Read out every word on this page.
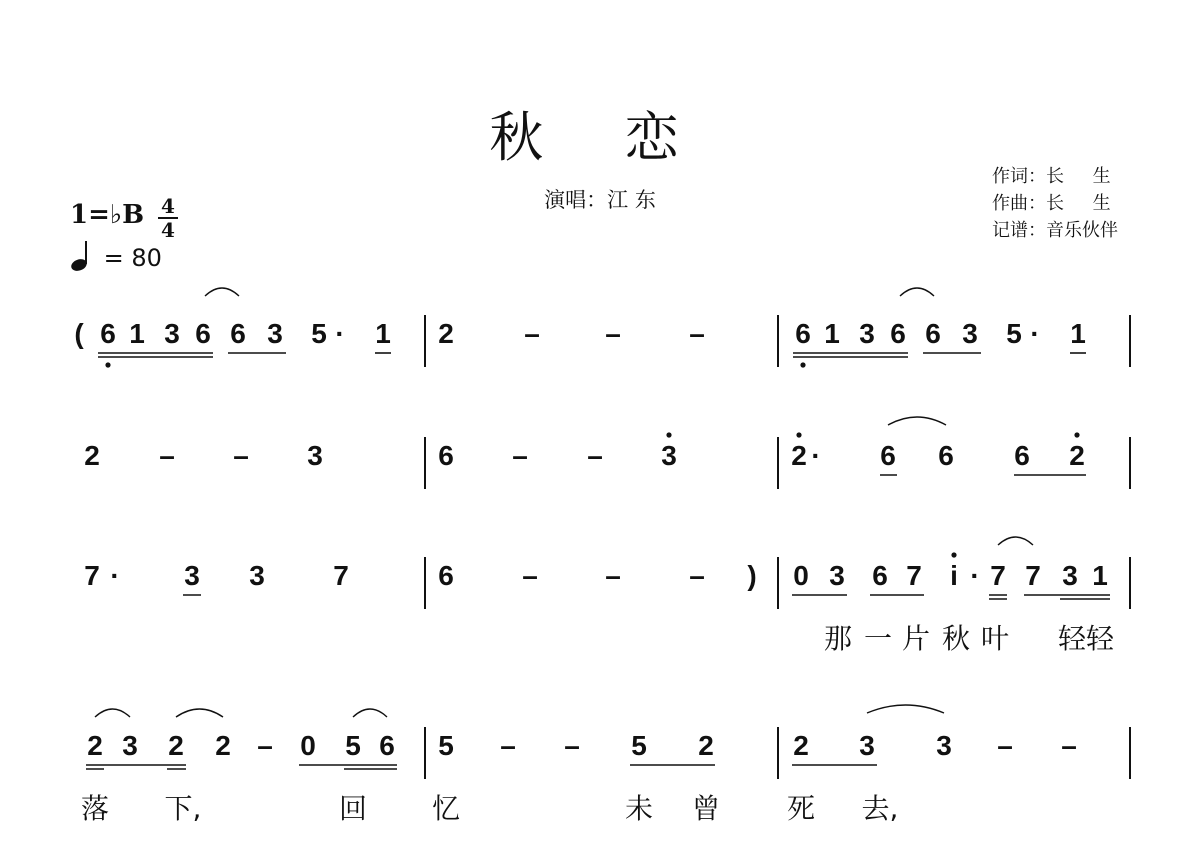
秋 恋
演唱：江 东
作词：长     生
作曲：长     生
记谱：音乐伙伴
1=♭B 4
4
= 80
( 6 1 3 6 6 3 5 · 1 2	– – –	6 1 3 6 6 3 5 · 1
2 – – 3	6 – – 3	2 · 6 6 6 2
7 · 3 3 7	6 – – – ) 0 3 6 7 i · 7 7 3 1
那 一 片 秋 叶 轻轻
2 3 2 2 – 0 5 6 5 – – 5 2	2 3 3 – –
落 下,	回 忆	未 曾 死 去,
